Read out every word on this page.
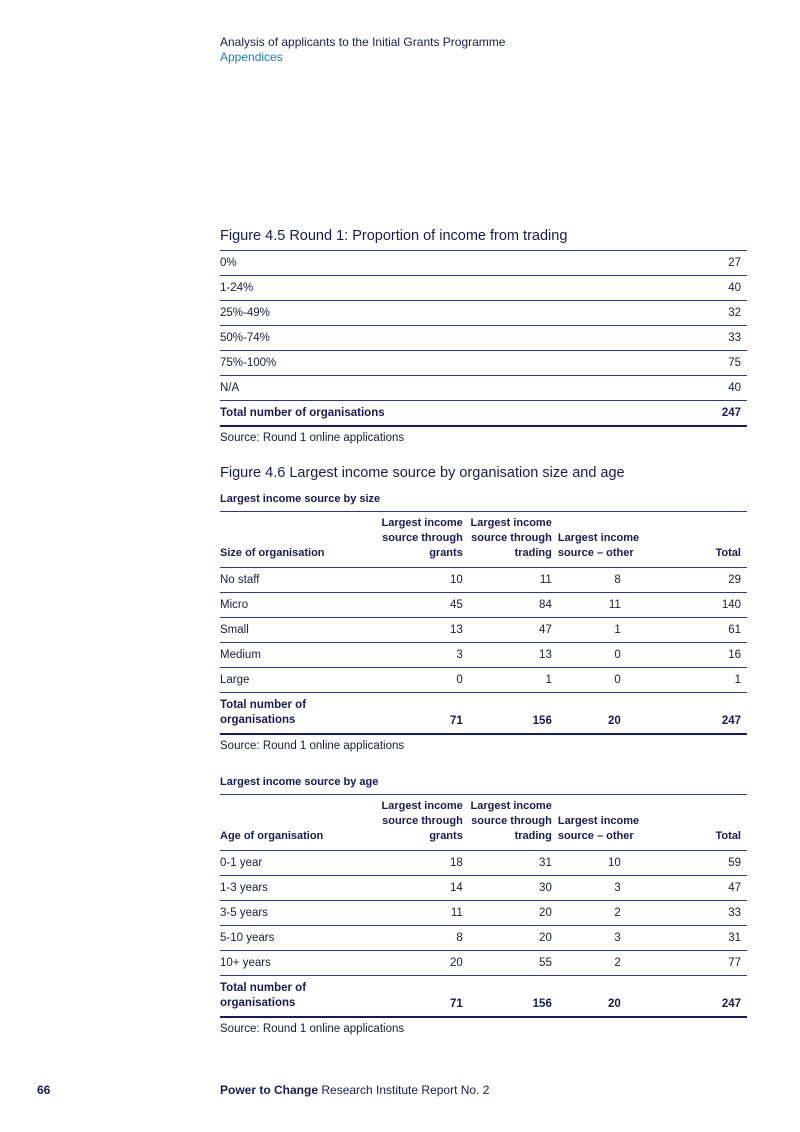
Analysis of applicants to the Initial Grants Programme
Appendices
Figure 4.5 Round 1: Proportion of income from trading
0%	27
1-24%	40
25%-49%	32
50%-74%	33
75%-100%	75
N/A	40
Total number of organisations	247
Source: Round 1 online applications
Figure 4.6 Largest income source by organisation size and age
Largest income source by size
Size of organisation	Largest income
source through
grants	Largest income
source through
trading	Largest income
source – other	Total
No staff	10	11	8	29
Micro	45	84	11	140
Small	13	47	1	61
Medium	3	13	0	16
Large	0	1	0	1
Total number of
organisations	71	156	20	247
Source: Round 1 online applications
Largest income source by age
Age of organisation	Largest income
source through
grants	Largest income
source through
trading	Largest income
source – other	Total
0-1 year	18	31	10	59
1-3 years	14	30	3	47
3-5 years	11	20	2	33
5-10 years	8	20	3	31
10+ years	20	55	2	77
Total number of
organisations	71	156	20	247
Source: Round 1 online applications
66	Power to Change Research Institute Report No. 2
